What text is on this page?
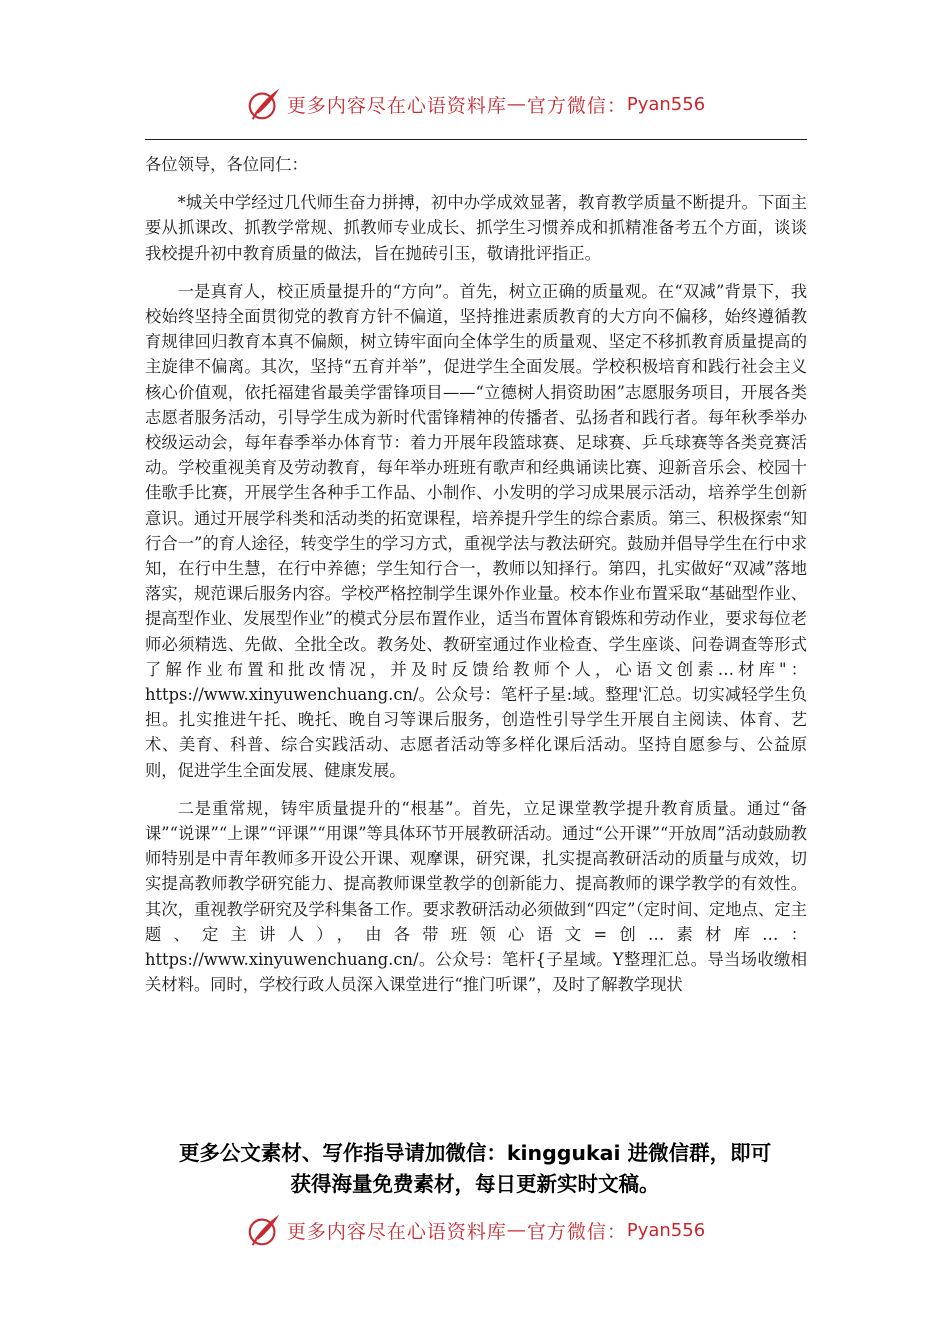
更多内容尽在心语资料库 — 官方微信： Pyan556

各位领导，各位同仁：

*城关中学经过几代师生奋力拼搏，初中办学成效显著，教育教学质量不断提升。下面主要从抓课改、抓教学常规、抓教师专业成长、抓学生习惯养成和抓精准备考五个方面，谈谈我校提升初中教育质量的做法，旨在抛砖引玉，敬请批评指正。

一是真育人，校正质量提升的“方向”。首先，树立正确的质量观。在“双减”背景下，我校始终坚持全面贯彻党的教育方针不偏道，坚持推进素质教育的大方向不偏移，始终遵循教育规律回归教育本真不偏颇，树立铸牢面向全体学生的质量观、坚定不移抓教育质量提高的主旋律不偏离。其次，坚持“五育并举”，促进学生全面发展。学校积极培育和践行社会主义核心价值观，依托福建省最美学雷锋项目——“立德树人捐资助困”志愿服务项目，开展各类志愿者服务活动，引导学生成为新时代雷锋精神的传播者、弘扬者和践行者。每年秋季举办校级运动会，每年春季举办体育节：着力开展年段篮球赛、足球赛、乒乓球赛等各类竞赛活动。学校重视美育及劳动教育，每年举办班班有歌声和经典诵读比赛、迎新音乐会、校园十佳歌手比赛，开展学生各种手工作品、小制作、小发明的学习成果展示活动，培养学生创新意识。通过开展学科类和活动类的拓宽课程，培养提升学生的综合素质。第三、积极探索“知行合一”的育人途径，转变学生的学习方式，重视学法与教法研究。鼓励并倡导学生在行中求知，在行中生慧，在行中养德；学生知行合一，教师以知择行。第四，扎实做好“双减”落地落实，规范课后服务内容。学校严格控制学生课外作业量。校本作业布置采取“基础型作业、提高型作业、发展型作业”的模式分层布置作业，适当布置体育锻炼和劳动作业，要求每位老师必须精选、先做、全批全改。教务处、教研室通过作业检查、学生座谈、问卷调查等形式了解作业布置和批改情况，并及时反馈给教师个人，心语文创素…材库"：https://www.xinyuwenchuang.cn/。公众号：笔杆子星:域。整理'汇总。切实减轻学生负担。扎实推进午托、晚托、晚自习等课后服务，创造性引导学生开展自主阅读、体育、艺术、美育、科普、综合实践活动、志愿者活动等多样化课后活动。坚持自愿参与、公益原则，促进学生全面发展、健康发展。

二是重常规，铸牢质量提升的“根基”。首先，立足课堂教学提升教育质量。通过“备课”“说课”“上课”“评课”“用课”等具体环节开展教研活动。通过“公开课”“开放周”活动鼓励教师特别是中青年教师多开设公开课、观摩课，研究课，扎实提高教研活动的质量与成效，切实提高教师教学研究能力、提高教师课堂教学的创新能力、提高教师的课学教学的有效性。其次，重视教学研究及学科集备工作。要求教研活动必须做到“四定”（定时间、定地点、定主题、定主讲人），由各带班领心语文=创…素材库…：https://www.xinyuwenchuang.cn/。公众号：笔杆{子星域。Y整理汇总。导当场收缴相关材料。同时，学校行政人员深入课堂进行“推门听课”，及时了解教学现状

更多公文素材、写作指导请加微信：kinggukai 进微信群，即可
获得海量免费素材，每日更新实时文稿。
更多内容尽在心语资料库 — 官方微信： Pyan556
